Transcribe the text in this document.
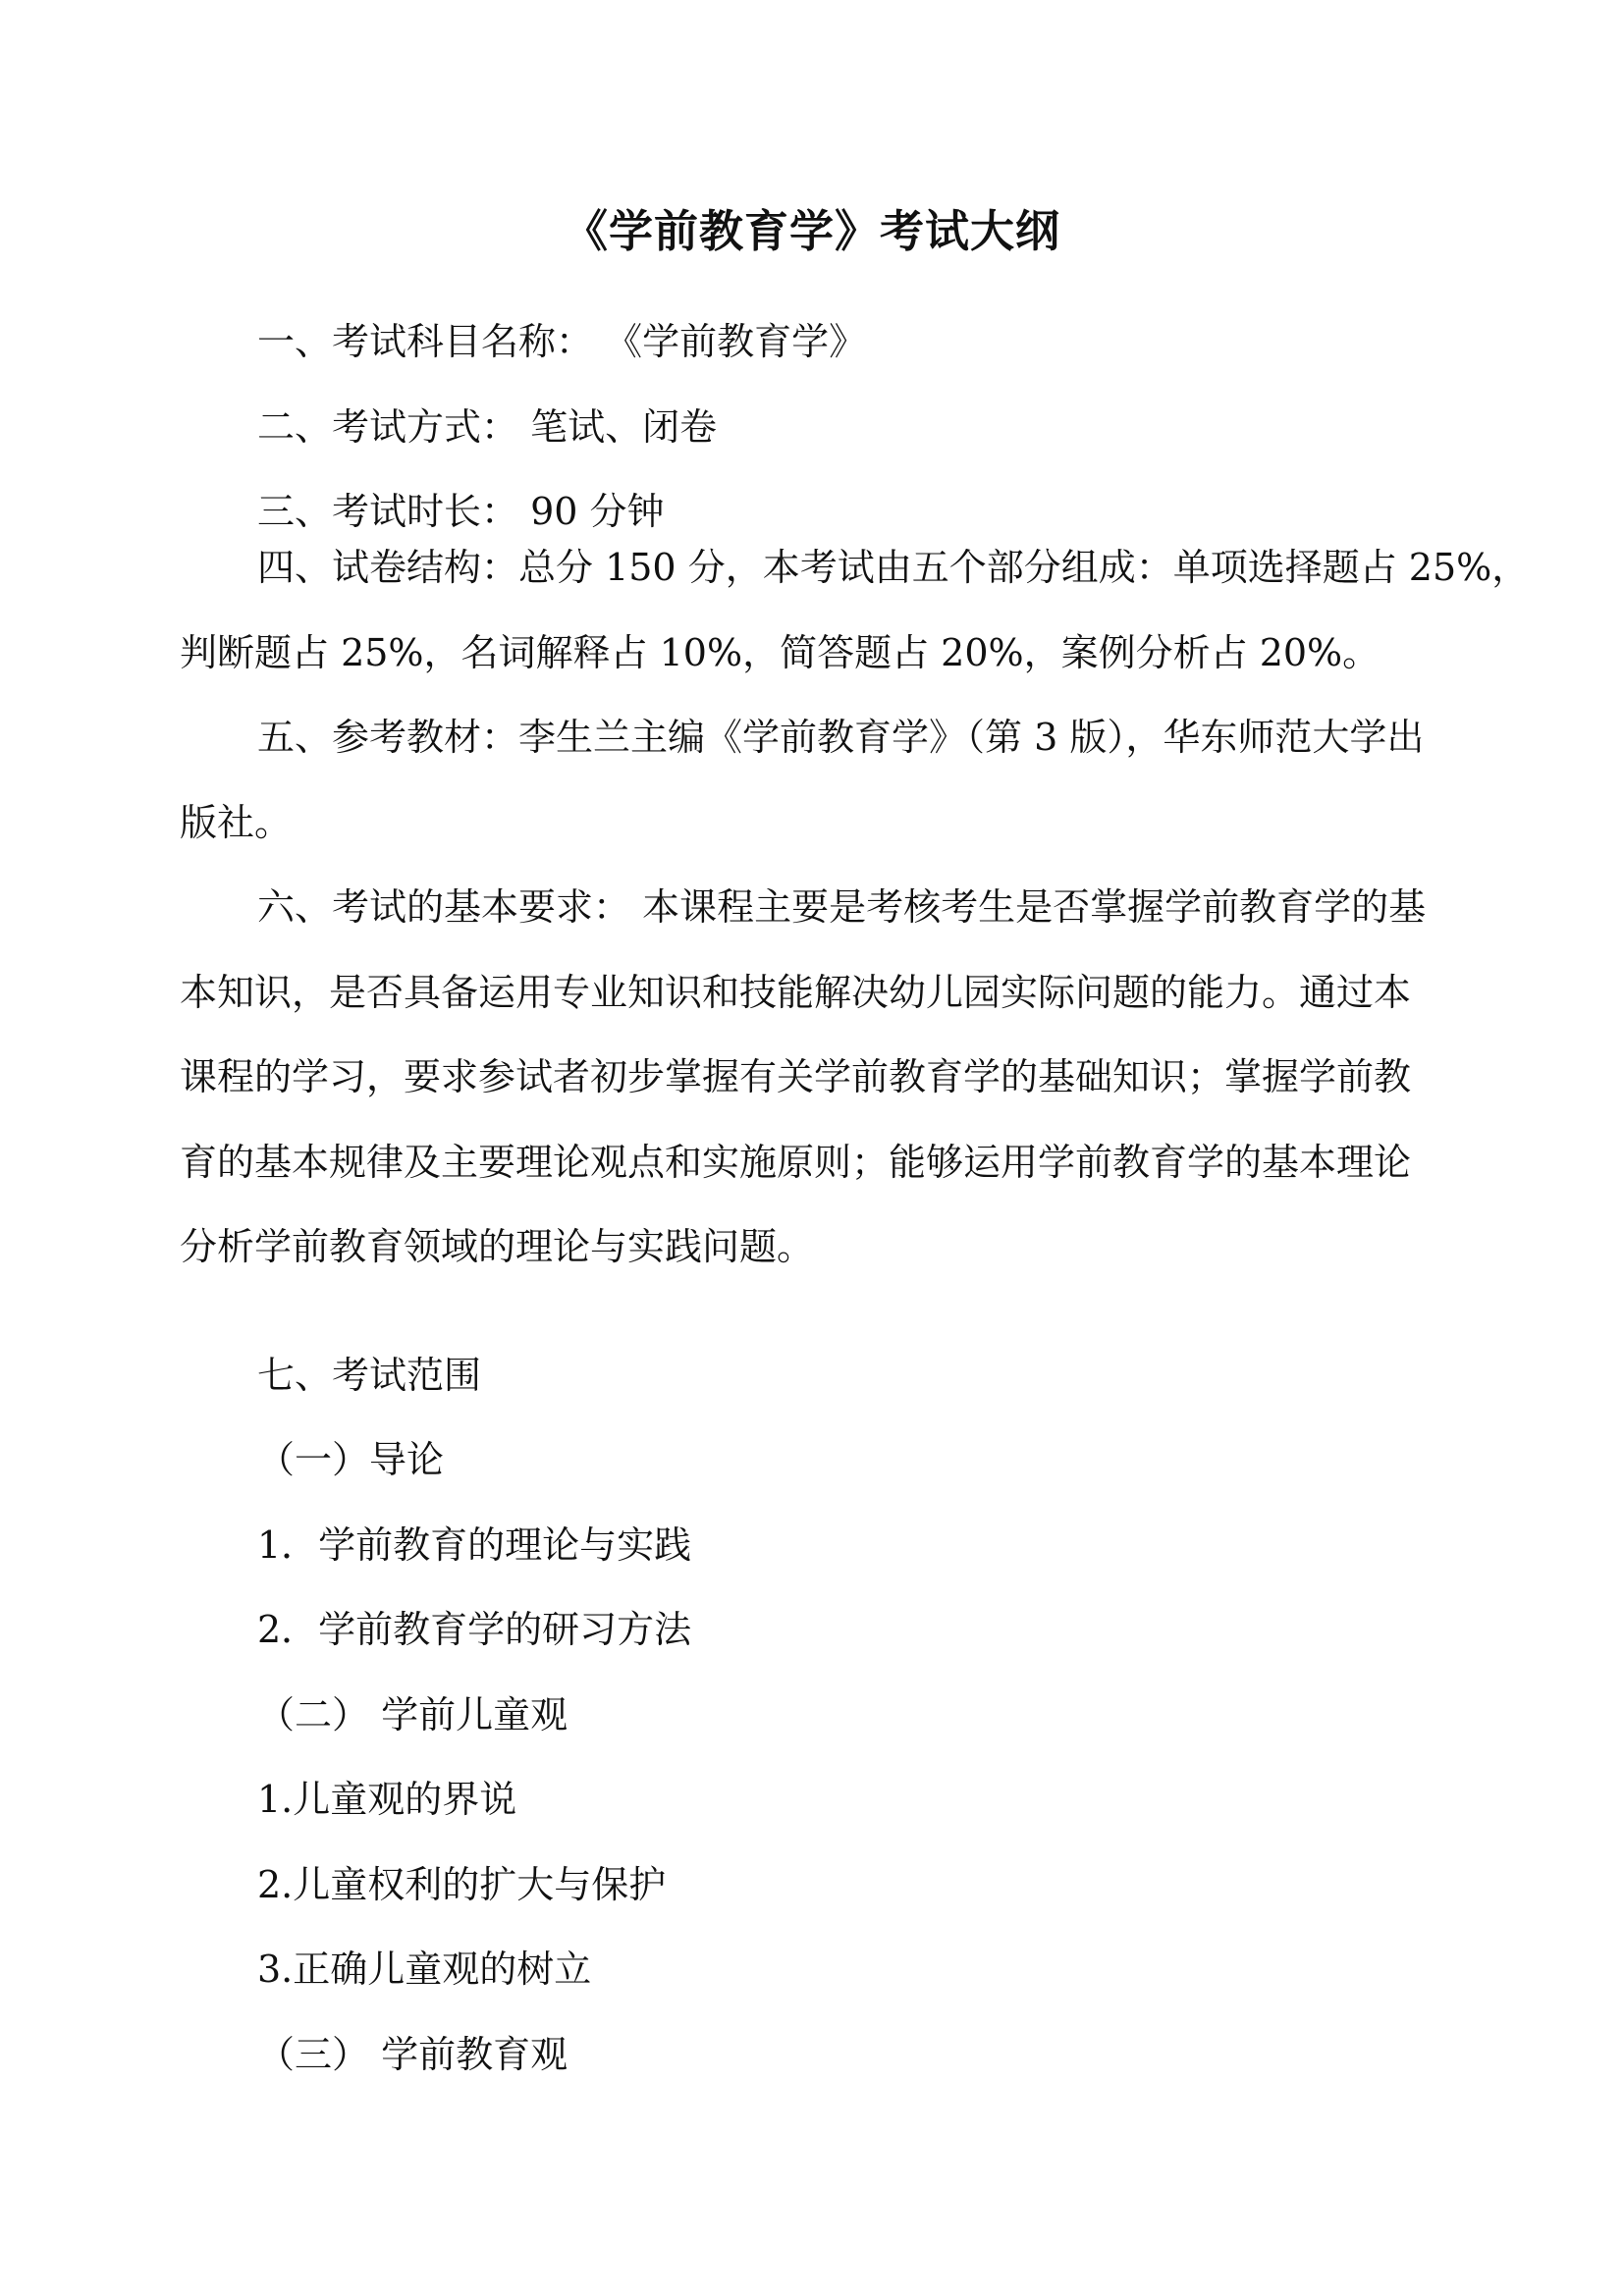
《学前教育学》考试大纲
一、考试科目名称： 《学前教育学》
二、考试方式： 笔试、闭卷
三、考试时长： 90 分钟
四、试卷结构：总分 150 分，本考试由五个部分组成：单项选择题占 25%，
判断题占 25%，名词解释占 10%，简答题占 20%，案例分析占 20%。
五、参考教材：李生兰主编《学前教育学》（第 3 版），华东师范大学出
版社。
六、考试的基本要求： 本课程主要是考核考生是否掌握学前教育学的基
本知识，是否具备运用专业知识和技能解决幼儿园实际问题的能力。通过本
课程的学习，要求参试者初步掌握有关学前教育学的基础知识；掌握学前教
育的基本规律及主要理论观点和实施原则；能够运用学前教育学的基本理论
分析学前教育领域的理论与实践问题。
七、考试范围
（一）导论
1．学前教育的理论与实践
2．学前教育学的研习方法
（二） 学前儿童观
1.儿童观的界说
2.儿童权利的扩大与保护
3.正确儿童观的树立
（三） 学前教育观
